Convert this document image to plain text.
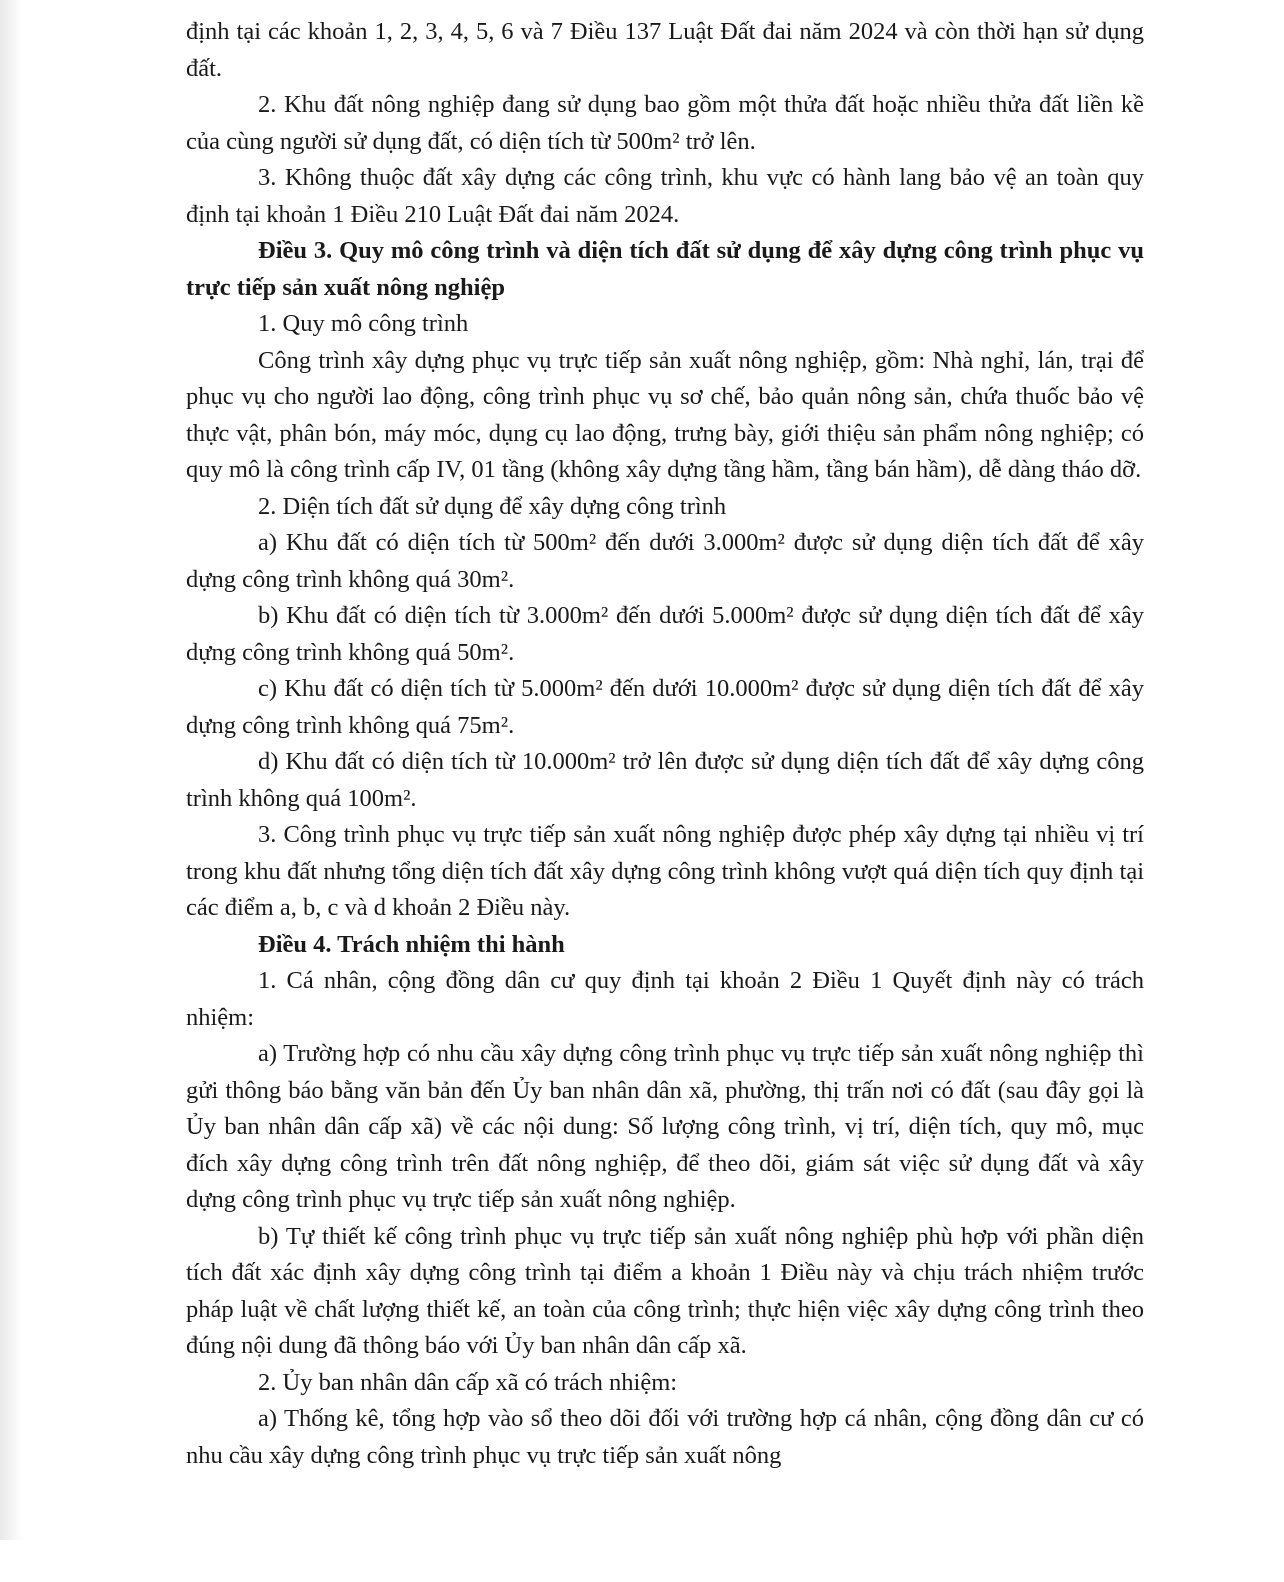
định tại các khoản 1, 2, 3, 4, 5, 6 và 7 Điều 137 Luật Đất đai năm 2024 và còn thời hạn sử dụng đất.

2. Khu đất nông nghiệp đang sử dụng bao gồm một thửa đất hoặc nhiều thửa đất liền kề của cùng người sử dụng đất, có diện tích từ 500m² trở lên.

3. Không thuộc đất xây dựng các công trình, khu vực có hành lang bảo vệ an toàn quy định tại khoản 1 Điều 210 Luật Đất đai năm 2024.

Điều 3. Quy mô công trình và diện tích đất sử dụng để xây dựng công trình phục vụ trực tiếp sản xuất nông nghiệp

1. Quy mô công trình

Công trình xây dựng phục vụ trực tiếp sản xuất nông nghiệp, gồm: Nhà nghỉ, lán, trại để phục vụ cho người lao động, công trình phục vụ sơ chế, bảo quản nông sản, chứa thuốc bảo vệ thực vật, phân bón, máy móc, dụng cụ lao động, trưng bày, giới thiệu sản phẩm nông nghiệp; có quy mô là công trình cấp IV, 01 tầng (không xây dựng tầng hầm, tầng bán hầm), dễ dàng tháo dỡ.

2. Diện tích đất sử dụng để xây dựng công trình

a) Khu đất có diện tích từ 500m² đến dưới 3.000m² được sử dụng diện tích đất để xây dựng công trình không quá 30m².

b) Khu đất có diện tích từ 3.000m² đến dưới 5.000m² được sử dụng diện tích đất để xây dựng công trình không quá 50m².

c) Khu đất có diện tích từ 5.000m² đến dưới 10.000m² được sử dụng diện tích đất để xây dựng công trình không quá 75m².

d) Khu đất có diện tích từ 10.000m² trở lên được sử dụng diện tích đất để xây dựng công trình không quá 100m².

3. Công trình phục vụ trực tiếp sản xuất nông nghiệp được phép xây dựng tại nhiều vị trí trong khu đất nhưng tổng diện tích đất xây dựng công trình không vượt quá diện tích quy định tại các điểm a, b, c và d khoản 2 Điều này.

Điều 4. Trách nhiệm thi hành

1. Cá nhân, cộng đồng dân cư quy định tại khoản 2 Điều 1 Quyết định này có trách nhiệm:

a) Trường hợp có nhu cầu xây dựng công trình phục vụ trực tiếp sản xuất nông nghiệp thì gửi thông báo bằng văn bản đến Ủy ban nhân dân xã, phường, thị trấn nơi có đất (sau đây gọi là Ủy ban nhân dân cấp xã) về các nội dung: Số lượng công trình, vị trí, diện tích, quy mô, mục đích xây dựng công trình trên đất nông nghiệp, để theo dõi, giám sát việc sử dụng đất và xây dựng công trình phục vụ trực tiếp sản xuất nông nghiệp.

b) Tự thiết kế công trình phục vụ trực tiếp sản xuất nông nghiệp phù hợp với phần diện tích đất xác định xây dựng công trình tại điểm a khoản 1 Điều này và chịu trách nhiệm trước pháp luật về chất lượng thiết kế, an toàn của công trình; thực hiện việc xây dựng công trình theo đúng nội dung đã thông báo với Ủy ban nhân dân cấp xã.

2. Ủy ban nhân dân cấp xã có trách nhiệm:

a) Thống kê, tổng hợp vào sổ theo dõi đối với trường hợp cá nhân, cộng đồng dân cư có nhu cầu xây dựng công trình phục vụ trực tiếp sản xuất nông
